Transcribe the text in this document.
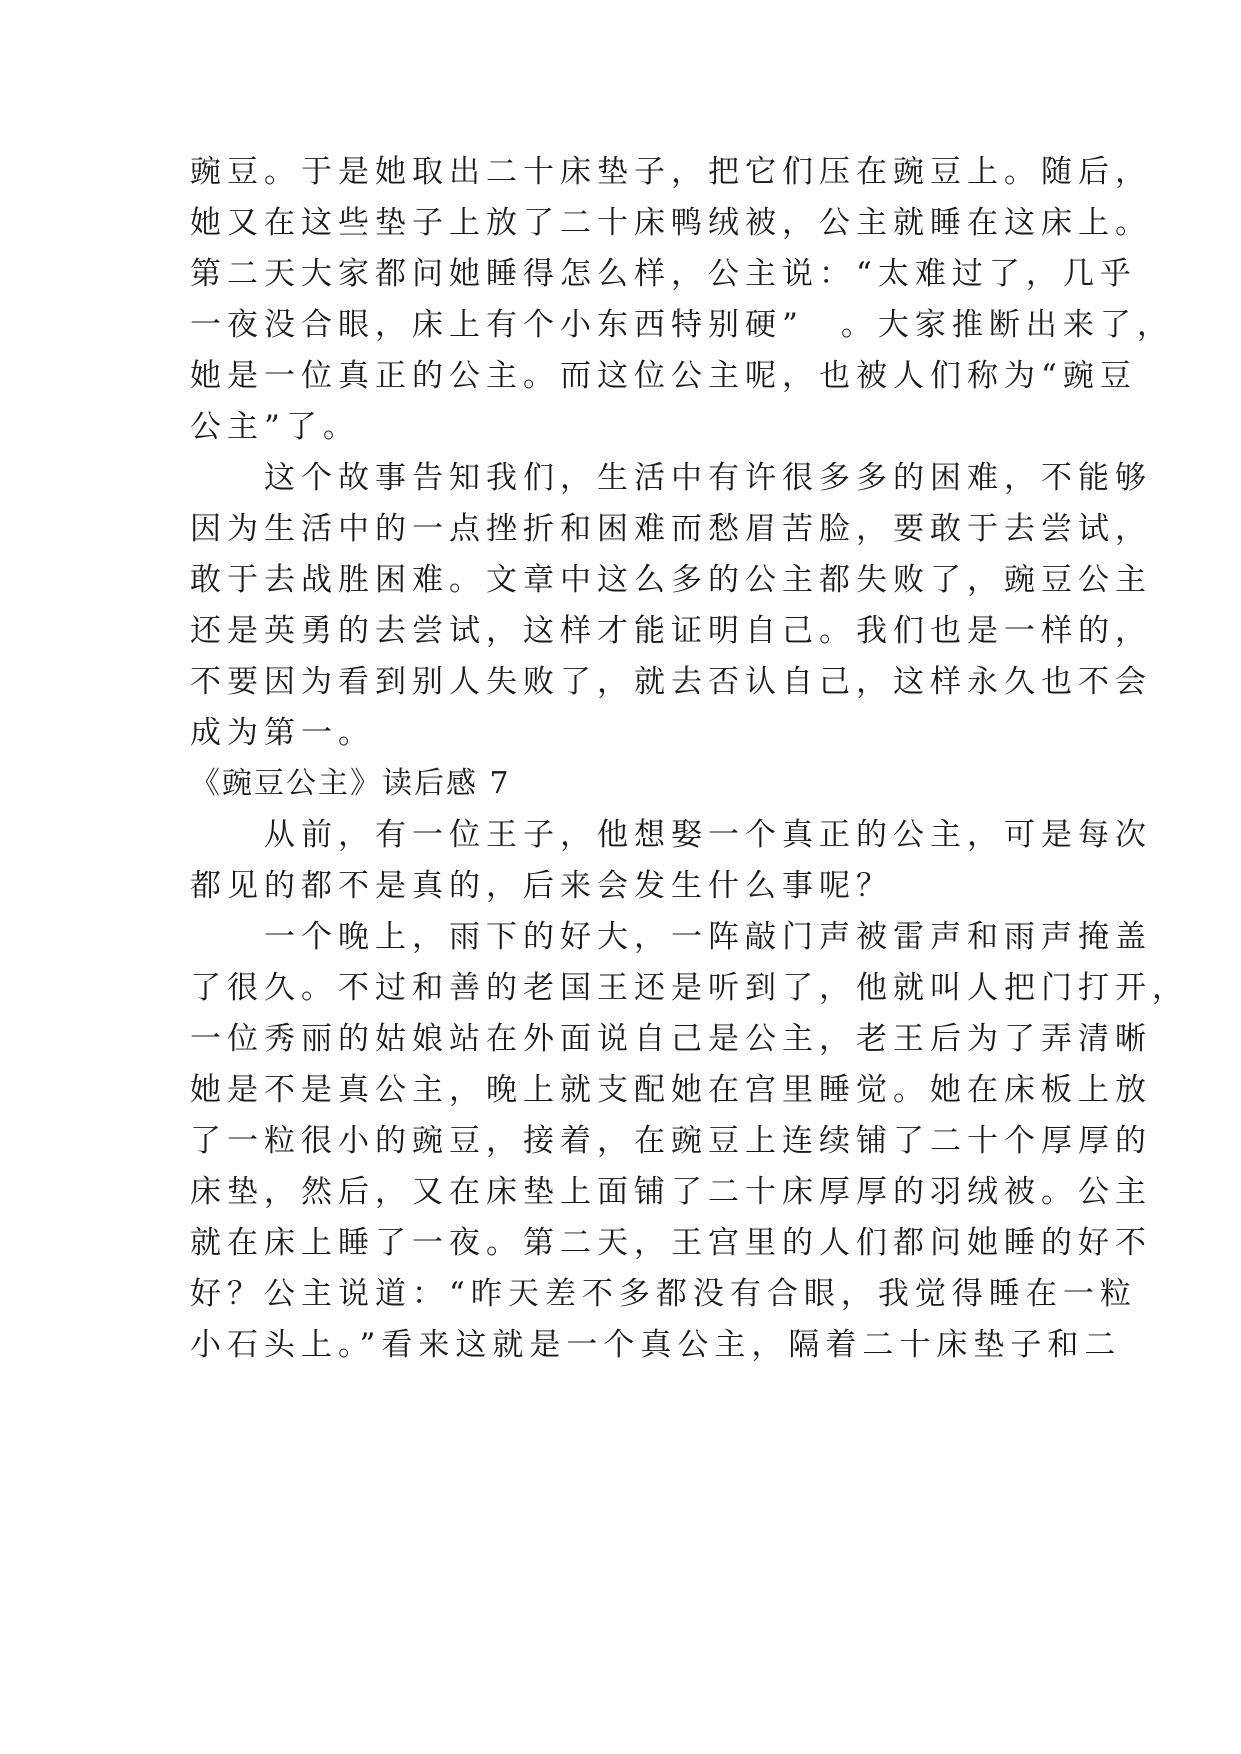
豌豆。于是她取出二十床垫子，把它们压在豌豆上。随后，
她又在这些垫子上放了二十床鸭绒被，公主就睡在这床上。
第二天大家都问她睡得怎么样，公主说：“太难过了，几乎
一夜没合眼，床上有个小东西特别硬”　。大家推断出来了，
她是一位真正的公主。而这位公主呢，也被人们称为“豌豆
公主”了。
　　这个故事告知我们，生活中有许很多多的困难，不能够
因为生活中的一点挫折和困难而愁眉苦脸，要敢于去尝试，
敢于去战胜困难。文章中这么多的公主都失败了，豌豆公主
还是英勇的去尝试，这样才能证明自己。我们也是一样的，
不要因为看到别人失败了，就去否认自己，这样永久也不会
成为第一。
《豌豆公主》读后感 7
　　从前，有一位王子，他想娶一个真正的公主，可是每次
都见的都不是真的，后来会发生什么事呢？
　　一个晚上，雨下的好大，一阵敲门声被雷声和雨声掩盖
了很久。不过和善的老国王还是听到了，他就叫人把门打开，
一位秀丽的姑娘站在外面说自己是公主，老王后为了弄清晰
她是不是真公主，晚上就支配她在宫里睡觉。她在床板上放
了一粒很小的豌豆，接着，在豌豆上连续铺了二十个厚厚的
床垫，然后，又在床垫上面铺了二十床厚厚的羽绒被。公主
就在床上睡了一夜。第二天，王宫里的人们都问她睡的好不
好？公主说道：“昨天差不多都没有合眼，我觉得睡在一粒
小石头上。”看来这就是一个真公主，隔着二十床垫子和二
